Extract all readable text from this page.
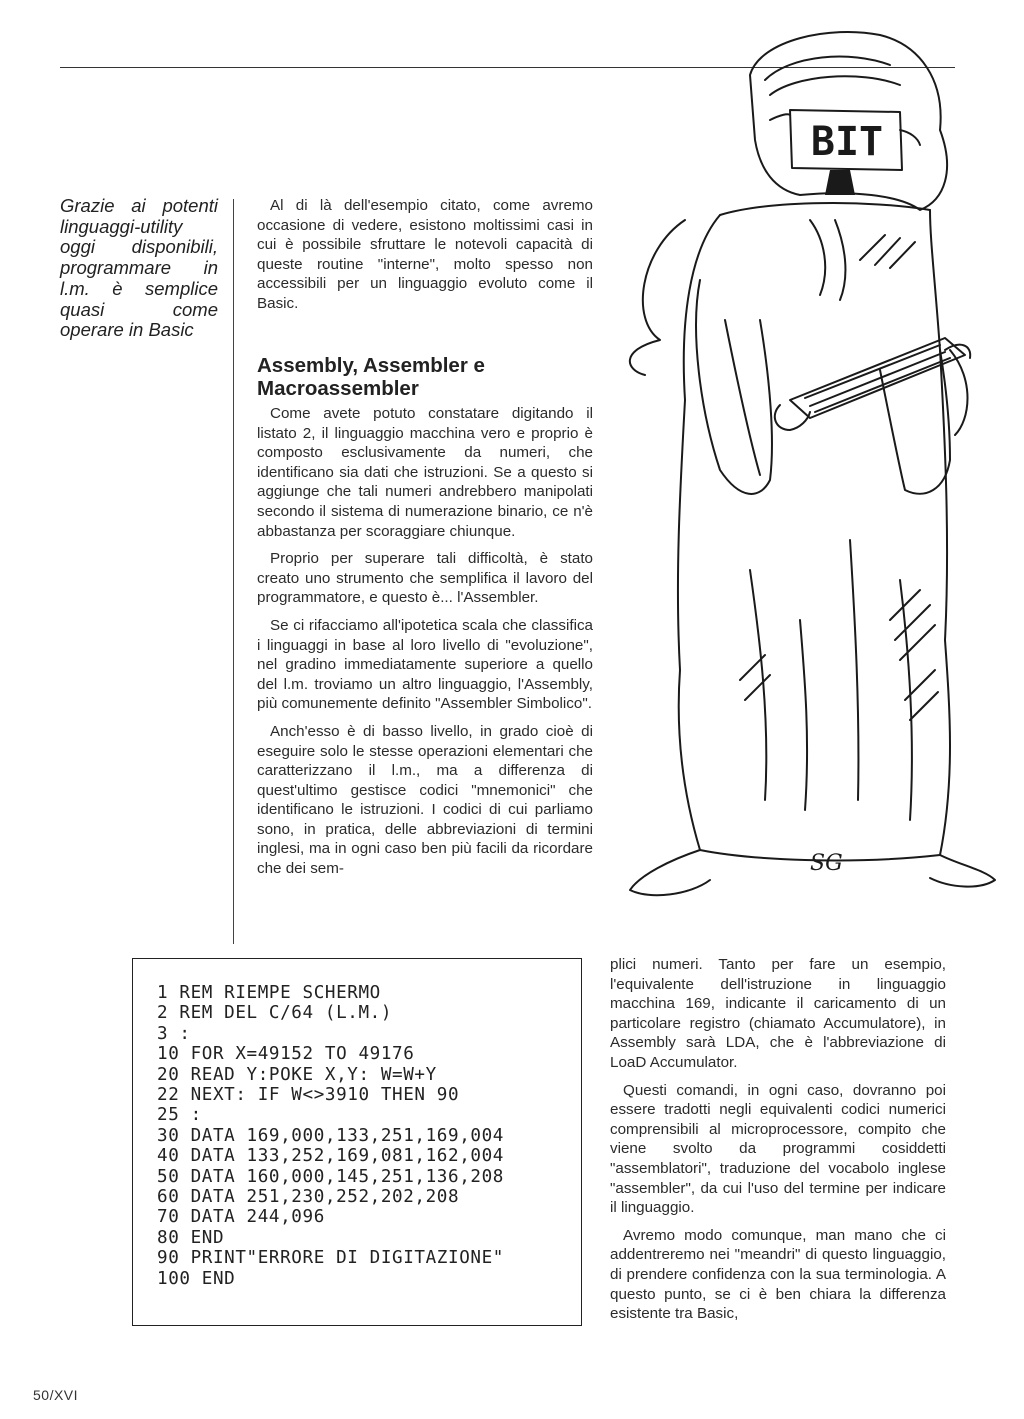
Grazie ai potenti linguaggi-utility oggi disponibili, programmare in l.m. è semplice quasi come operare in Basic

Al di là dell'esempio citato, come avremo occasione di vedere, esistono moltissimi casi in cui è possibile sfruttare le notevoli capacità di queste routine "interne", molto spesso non accessibili per un linguaggio evoluto come il Basic.

Assembly, Assembler e Macroassembler

Come avete potuto constatare digitando il listato 2, il linguaggio macchina vero e proprio è composto esclusivamente da numeri, che identificano sia dati che istruzioni. Se a questo si aggiunge che tali numeri andrebbero manipolati secondo il sistema di numerazione binario, ce n'è abbastanza per scoraggiare chiunque.

Proprio per superare tali difficoltà, è stato creato uno strumento che semplifica il lavoro del programmatore, e questo è... l'Assembler.

Se ci rifacciamo all'ipotetica scala che classifica i linguaggi in base al loro livello di "evoluzione", nel gradino immediatamente superiore a quello del l.m. troviamo un altro linguaggio, l'Assembly, più comunemente definito "Assembler Simbolico".

Anch'esso è di basso livello, in grado cioè di eseguire solo le stesse operazioni elementari che caratterizzano il l.m., ma a differenza di quest'ultimo gestisce codici "mnemonici" che identificano le istruzioni. I codici di cui parliamo sono, in pratica, delle abbreviazioni di termini inglesi, ma in ogni caso ben più facili da ricordare che dei sem-

1 REM RIEMPE SCHERMO
2 REM DEL C/64 (L.M.)
3 :
10 FOR X=49152 TO 49176
20 READ Y:POKE X,Y: W=W+Y
22 NEXT: IF W<>3910 THEN 90
25 :
30 DATA 169,000,133,251,169,004
40 DATA 133,252,169,081,162,004
50 DATA 160,000,145,251,136,208
60 DATA 251,230,252,202,208
70 DATA 244,096
80 END
90 PRINT"ERRORE DI DIGITAZIONE"
100 END

plici numeri. Tanto per fare un esempio, l'equivalente dell'istruzione in linguaggio macchina 169, indicante il caricamento di un particolare registro (chiamato Accumulatore), in Assembly sarà LDA, che è l'abbreviazione di LoaD Accumulator.

Questi comandi, in ogni caso, dovranno poi essere tradotti negli equivalenti codici numerici comprensibili al microprocessore, compito che viene svolto da programmi cosiddetti "assemblatori", traduzione del vocabolo inglese "assembler", da cui l'uso del termine per indicare il linguaggio.

Avremo modo comunque, man mano che ci addentreremo nei "meandri" di questo linguaggio, di prendere confidenza con la sua terminologia. A questo punto, se ci è ben chiara la differenza esistente tra Basic,

BIT
SG
50/XVI
